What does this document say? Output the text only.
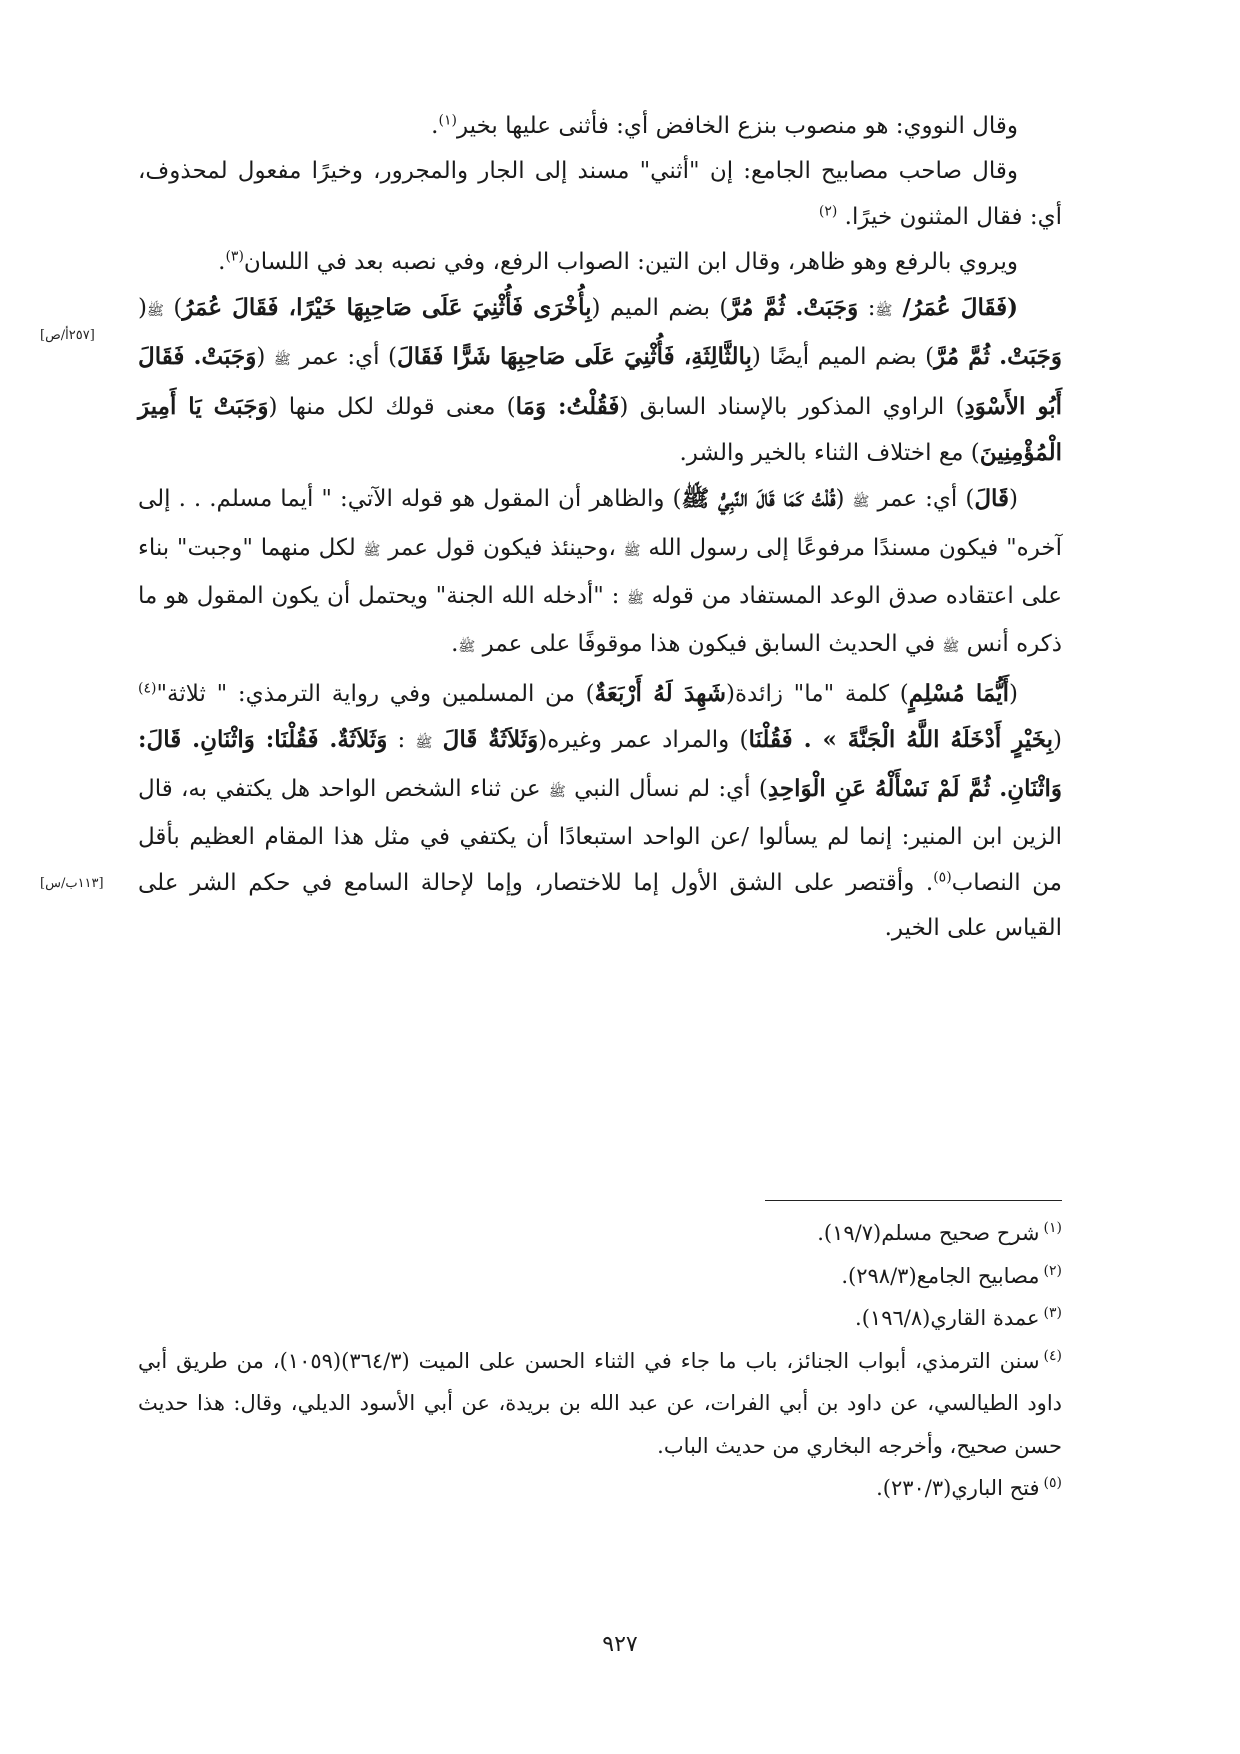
وقال النووي: هو منصوب بنزع الخافض أي: فأثنى عليها بخير$^{(١)}$.

وقال صاحب مصابيح الجامع: إن "أثني" مسند إلى الجار والمجرور، وخيرًا مفعول لمحذوف، أي: فقال المثنون خيرًا. $^{(٢)}$

ويروي بالرفع وهو ظاهر، وقال ابن التين: الصواب الرفع، وفي نصبه بعد في اللسان$^{(٣)}$.

(فَقَالَ عُمَرُ/ ﷺ: وَجَبَتْ. ثُمَّ مُرَّ) بضم الميم (بِأُخْرَى فَأُثْنِيَ عَلَى صَاحِبِهَا خَيْرًا، فَقَالَ عُمَرُ) ﷺ( وَجَبَتْ. ثُمَّ مُرَّ) بضم الميم أيضًا (بِالثَّالِثَةِ، فَأُثْنِيَ عَلَى صَاحِبِهَا شَرًّا فَقَالَ) أي: عمر ﷺ (وَجَبَتْ. فَقَالَ أَبُو الأَسْوَدِ) الراوي المذكور بالإسناد السابق (فَقُلْتُ: وَمَا) معنى قولك لكل منها (وَجَبَتْ يَا أَمِيرَ الْمُؤْمِنِينَ) مع اختلاف الثناء بالخير والشر.

(قَالَ) أي: عمر ﷺ (قُلْتُ كَمَا قَالَ النَّبِيُّ ﷺ) والظاهر أن المقول هو قوله الآتي: " أيما مسلم. . . إلى آخره" فيكون مسندًا مرفوعًا إلى رسول الله ﷺ ،وحينئذ فيكون قول عمر ﷺ لكل منهما "وجبت" بناء على اعتقاده صدق الوعد المستفاد من قوله ﷺ : "أدخله الله الجنة" ويحتمل أن يكون المقول هو ما ذكره أنس ﷺ في الحديث السابق فيكون هذا موقوفًا على عمر ﷺ.

(أَيُّمَا مُسْلِمٍ) كلمة "ما" زائدة(شَهِدَ لَهُ أَرْبَعَةٌ) من المسلمين وفي رواية الترمذي: " ثلاثة"$^{(٤)}$(بِخَيْرٍ أَدْخَلَهُ اللَّهُ الْجَنَّةَ » . فَقُلْنَا) والمراد عمر وغيره(وَثَلاَثَةٌ قَالَ ﷺ : وَثَلاَثَةٌ. فَقُلْنَا: وَاثْنَانِ. قَالَ: وَاثْنَانِ. ثُمَّ لَمْ نَسْأَلْهُ عَنِ الْوَاحِدِ) أي: لم نسأل النبي ﷺ عن ثناء الشخص الواحد هل يكتفي به، قال الزين ابن المنير: إنما لم يسألوا /عن الواحد استبعادًا أن يكتفي في مثل هذا المقام العظيم بأقل من النصاب$^{(٥)}$. وأقتصر على الشق الأول إما للاختصار، وإما لإحالة السامع في حكم الشر على القياس على الخير.

[٢٥٧أ/ص]
[١١٣ب/س]

$^{(١)}$شرح صحيح مسلم(١٩/٧).

$^{(٢)}$مصابيح الجامع(٢٩٨/٣).

$^{(٣)}$عمدة القاري(١٩٦/٨).

$^{(٤)}$سنن الترمذي، أبواب الجنائز، باب ما جاء في الثناء الحسن على الميت (٣٦٤/٣)(١٠٥٩)، من طريق أبي داود الطيالسي، عن داود بن أبي الفرات، عن عبد الله بن بريدة، عن أبي الأسود الديلي، وقال: هذا حديث حسن صحيح، وأخرجه البخاري من حديث الباب.

$^{(٥)}$فتح الباري(٢٣٠/٣).

٩٢٧
